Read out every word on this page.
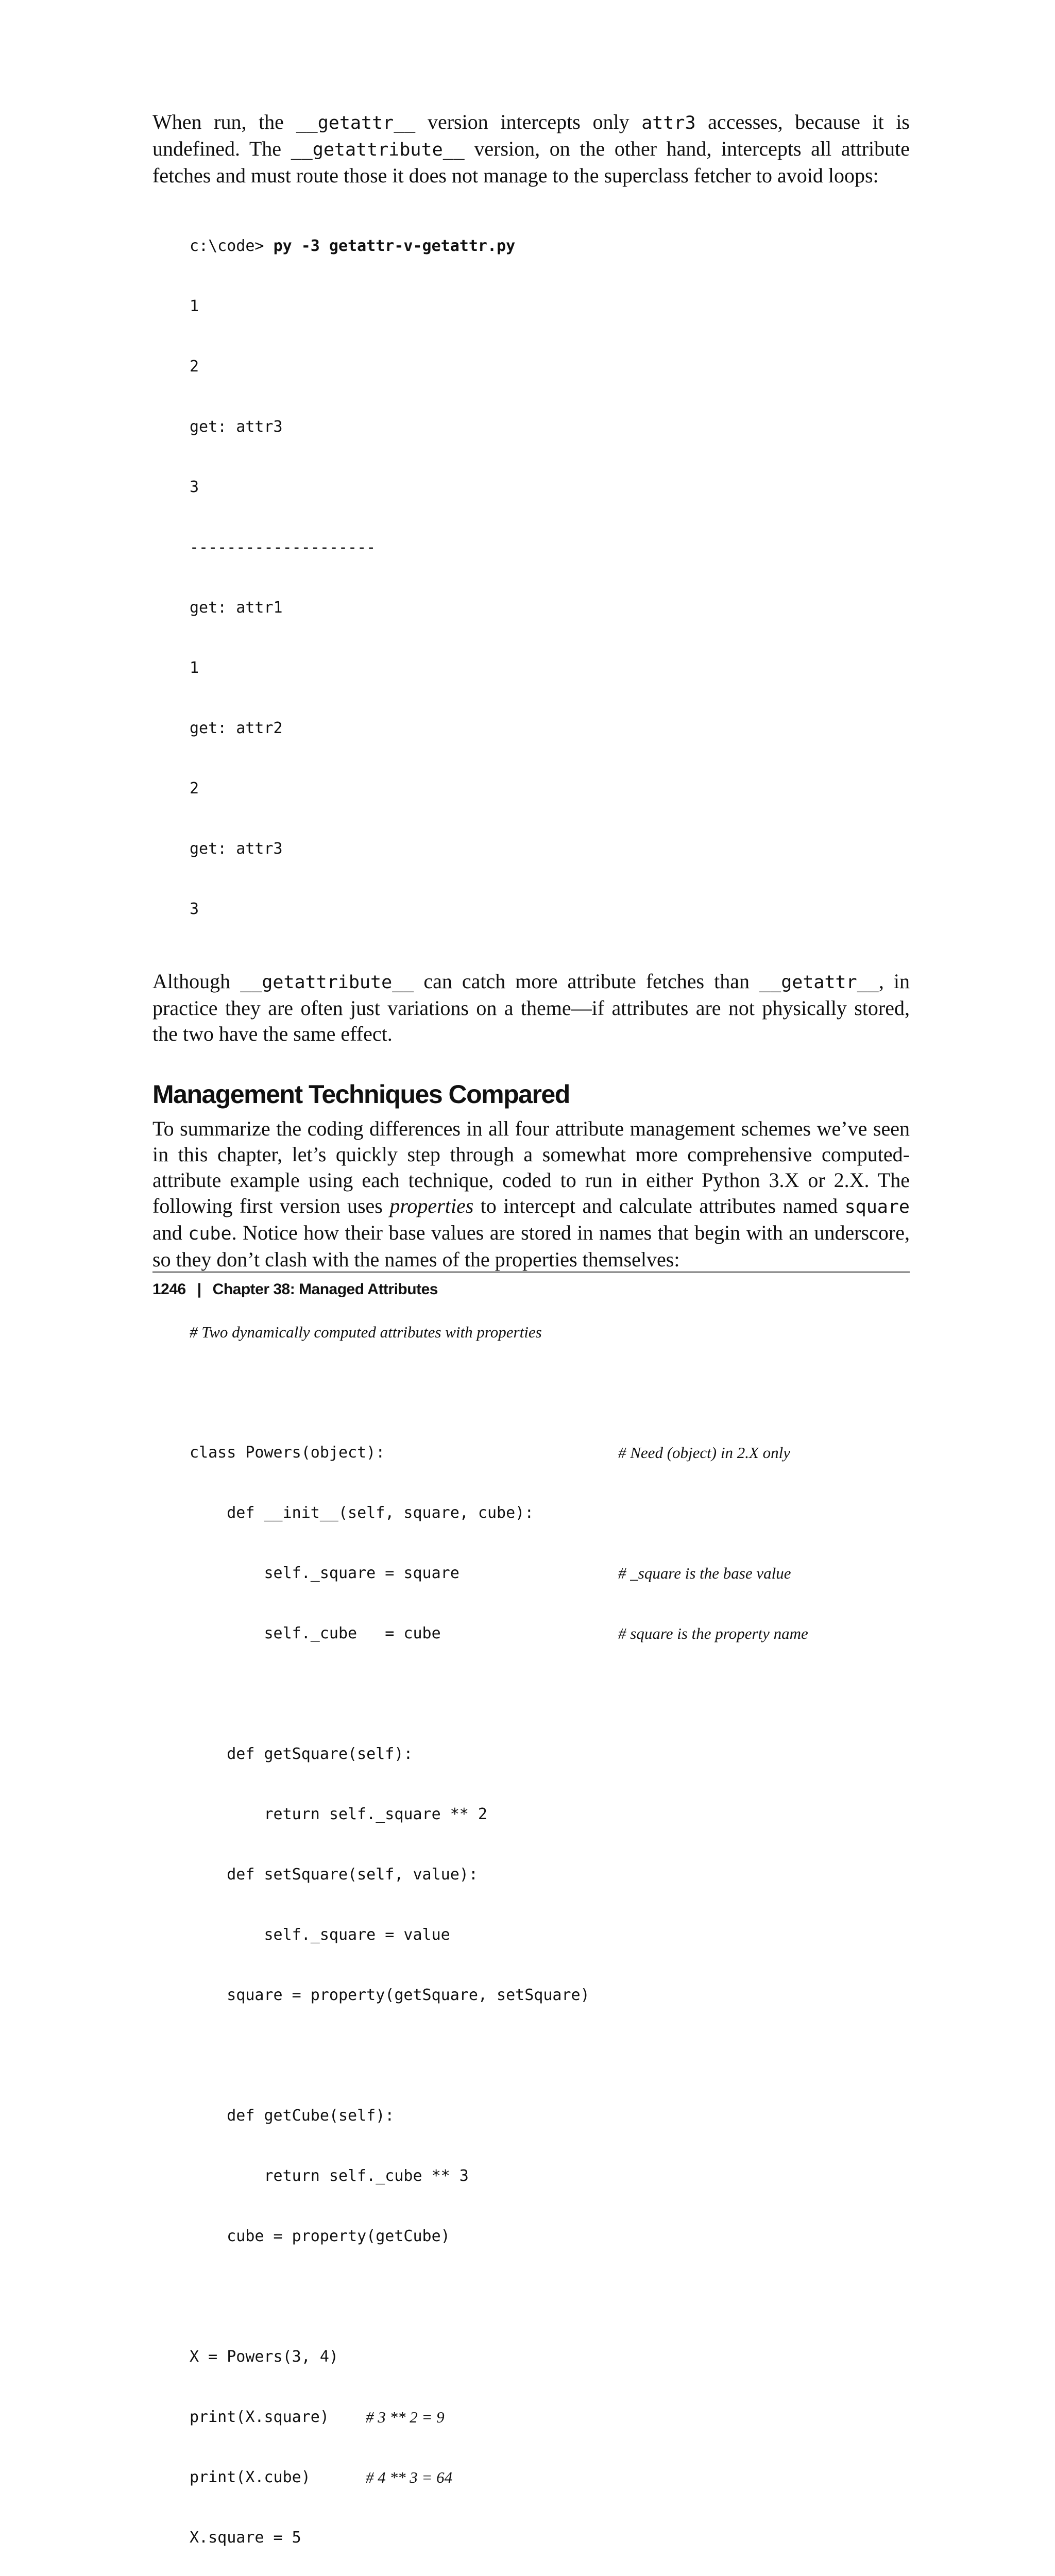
When run, the __getattr__ version intercepts only attr3 accesses, because it is undefined. The __getattribute__ version, on the other hand, intercepts all attribute fetches and must route those it does not manage to the superclass fetcher to avoid loops:

c:\code> py -3 getattr-v-getattr.py

1

2

get: attr3

3

--------------------

get: attr1

1

get: attr2

2

get: attr3

3

Although __getattribute__ can catch more attribute fetches than __getattr__, in practice they are often just variations on a theme—if attributes are not physically stored, the two have the same effect.

Management Techniques Compared

To summarize the coding differences in all four attribute management schemes we’ve seen in this chapter, let’s quickly step through a somewhat more comprehensive computed-attribute example using each technique, coded to run in either Python 3.X or 2.X. The following first version uses properties to intercept and calculate attributes named square and cube. Notice how their base values are stored in names that begin with an underscore, so they don’t clash with the names of the properties themselves:

# Two dynamically computed attributes with properties

class Powers(object):	# Need (object) in 2.X only

def __init__(self, square, cube):

self._square = square	# _square is the base value

self._cube   = cube	# square is the property name

def getSquare(self):

return self._square ** 2

def setSquare(self, value):

self._square = value

square = property(getSquare, setSquare)

def getCube(self):

return self._cube ** 3

cube = property(getCube)

X = Powers(3, 4)

print(X.square) # 3 ** 2 = 9

print(X.cube)	# 4 ** 3 = 64

X.square = 5

1246 | Chapter 38: Managed Attributes
